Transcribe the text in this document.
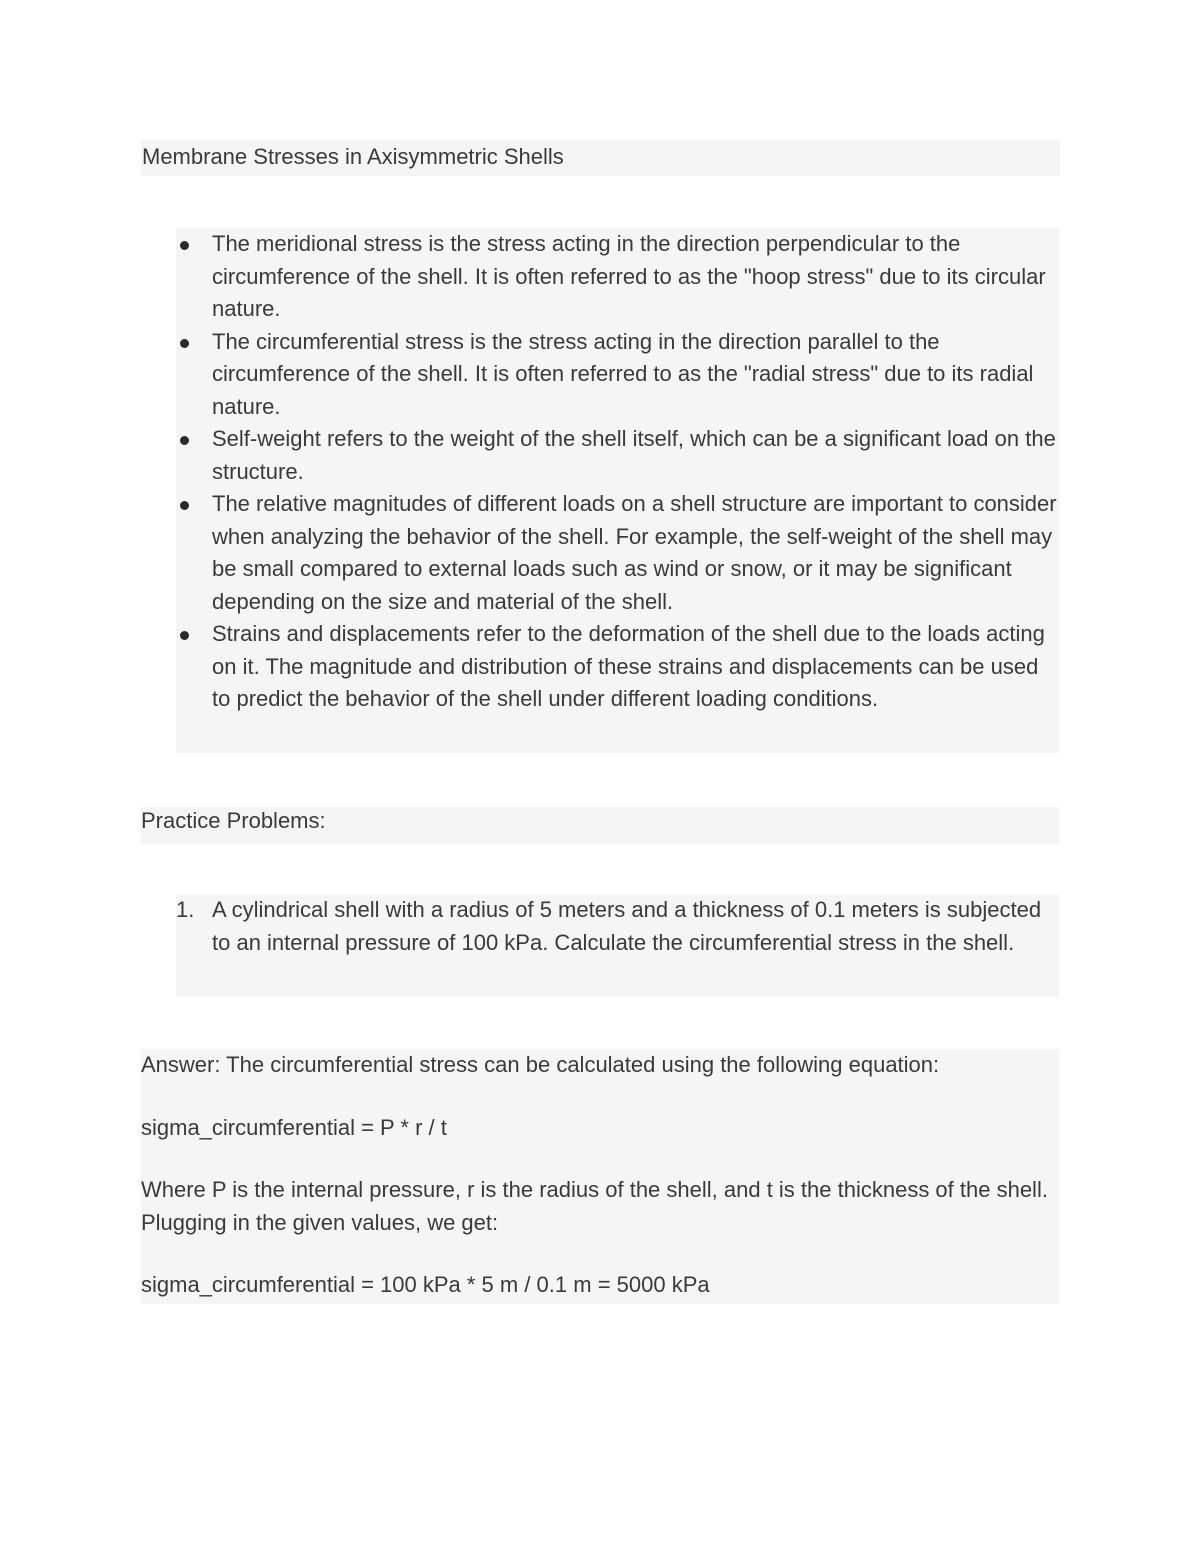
Membrane Stresses in Axisymmetric Shells
The meridional stress is the stress acting in the direction perpendicular to the circumference of the shell. It is often referred to as the "hoop stress" due to its circular nature.
The circumferential stress is the stress acting in the direction parallel to the circumference of the shell. It is often referred to as the "radial stress" due to its radial nature.
Self-weight refers to the weight of the shell itself, which can be a significant load on the structure.
The relative magnitudes of different loads on a shell structure are important to consider when analyzing the behavior of the shell. For example, the self-weight of the shell may be small compared to external loads such as wind or snow, or it may be significant depending on the size and material of the shell.
Strains and displacements refer to the deformation of the shell due to the loads acting on it. The magnitude and distribution of these strains and displacements can be used to predict the behavior of the shell under different loading conditions.
Practice Problems:
1. A cylindrical shell with a radius of 5 meters and a thickness of 0.1 meters is subjected to an internal pressure of 100 kPa. Calculate the circumferential stress in the shell.

Answer: The circumferential stress can be calculated using the following equation:

sigma_circumferential = P * r / t

Where P is the internal pressure, r is the radius of the shell, and t is the thickness of the shell. Plugging in the given values, we get:

sigma_circumferential = 100 kPa * 5 m / 0.1 m = 5000 kPa
